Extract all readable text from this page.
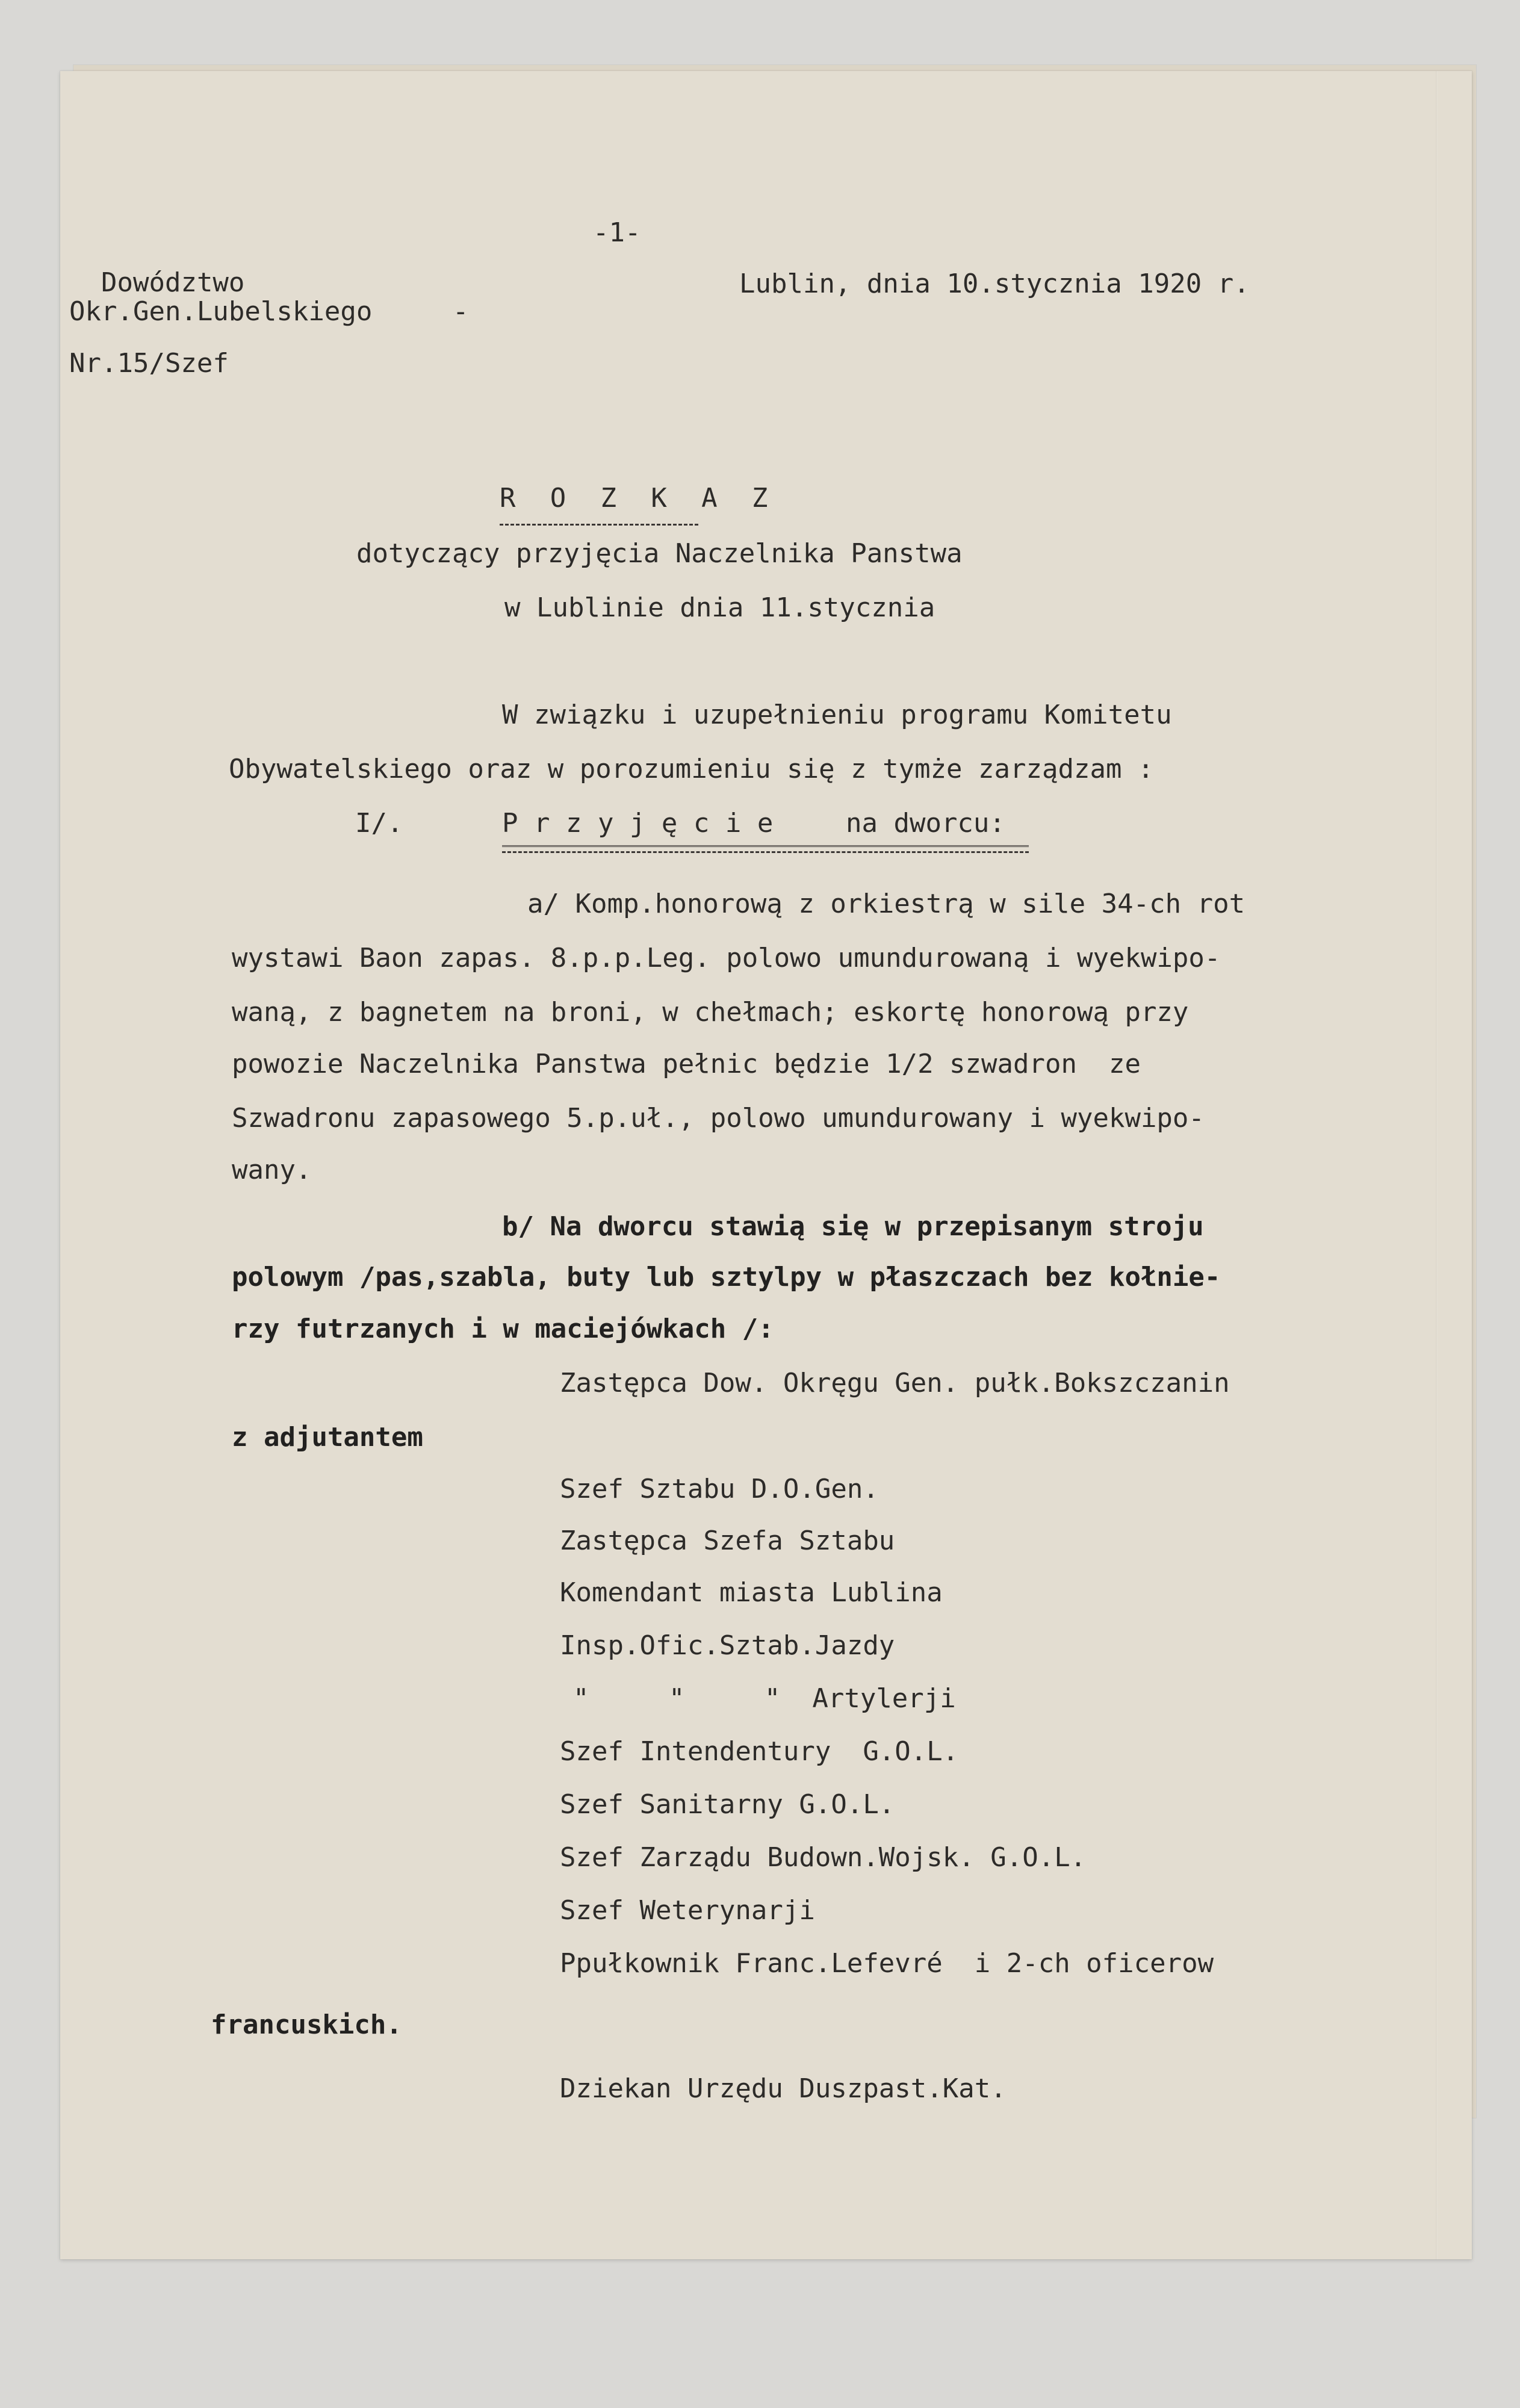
-1-
Dowództwo
Okr.Gen.Lubelskiego	-
Nr.15/Szef
Lublin, dnia 10.stycznia 1920 r.
R O Z K A Z
dotyczący przyjęcia Naczelnika Panstwa
w Lublinie dnia 11.stycznia
W związku i uzupełnieniu programu Komitetu
Obywatelskiego oraz w porozumieniu się z tymże zarządzam :
I/.	P r z y j ę c i e	na dworcu:
a/ Komp.honorową z orkiestrą w sile 34-ch rot
wystawi Baon zapas. 8.p.p.Leg. polowo umundurowaną i wyekwipo-
waną, z bagnetem na broni, w chełmach; eskortę honorową przy
powozie Naczelnika Panstwa pełnic będzie 1/2 szwadron  ze
Szwadronu zapasowego 5.p.uł., polowo umundurowany i wyekwipo-
wany.
b/ Na dworcu stawią się w przepisanym stroju
polowym /pas,szabla, buty lub sztylpy w płaszczach bez kołnie-
rzy futrzanych i w maciejówkach /:
Zastępca Dow. Okręgu Gen. pułk.Bokszczanin
z adjutantem
Szef Sztabu D.O.Gen.
Zastępca Szefa Sztabu
Komendant miasta Lublina
Insp.Ofic.Sztab.Jazdy
"     "     "  Artylerji
Szef Intendentury  G.O.L.
Szef Sanitarny G.O.L.
Szef Zarządu Budown.Wojsk. G.O.L.
Szef Weterynarji
Ppułkownik Franc.Lefevré  i 2-ch oficerow
francuskich.
Dziekan Urzędu Duszpast.Kat.
